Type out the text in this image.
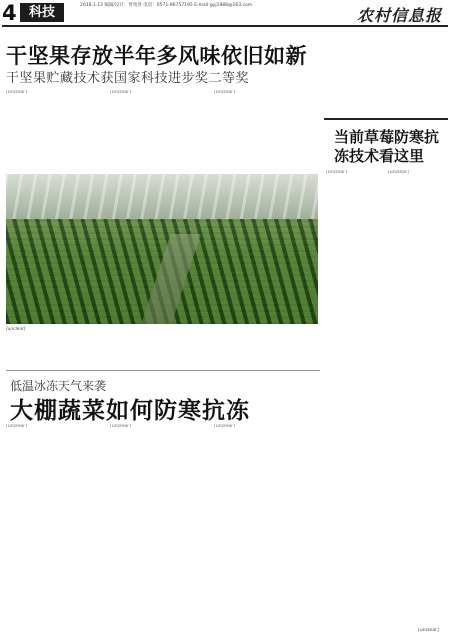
4 科技	2018.1.13 编辑/设计：胥勇进 电话：0571-86757195 E-mail:gyj1988@163.com
农村信息报
干坚果存放半年多风味依旧如新
干坚果贮藏技术获国家科技进步奖二等奖
[unclear]	[unclear]	[unclear]
[unclear]
当前草莓防寒抗冻技术看这里
[unclear]	[unclear]
[unclear]
低温冰冻天气来袭
大棚蔬菜如何防寒抗冻
[unclear]	[unclear]	[unclear]
